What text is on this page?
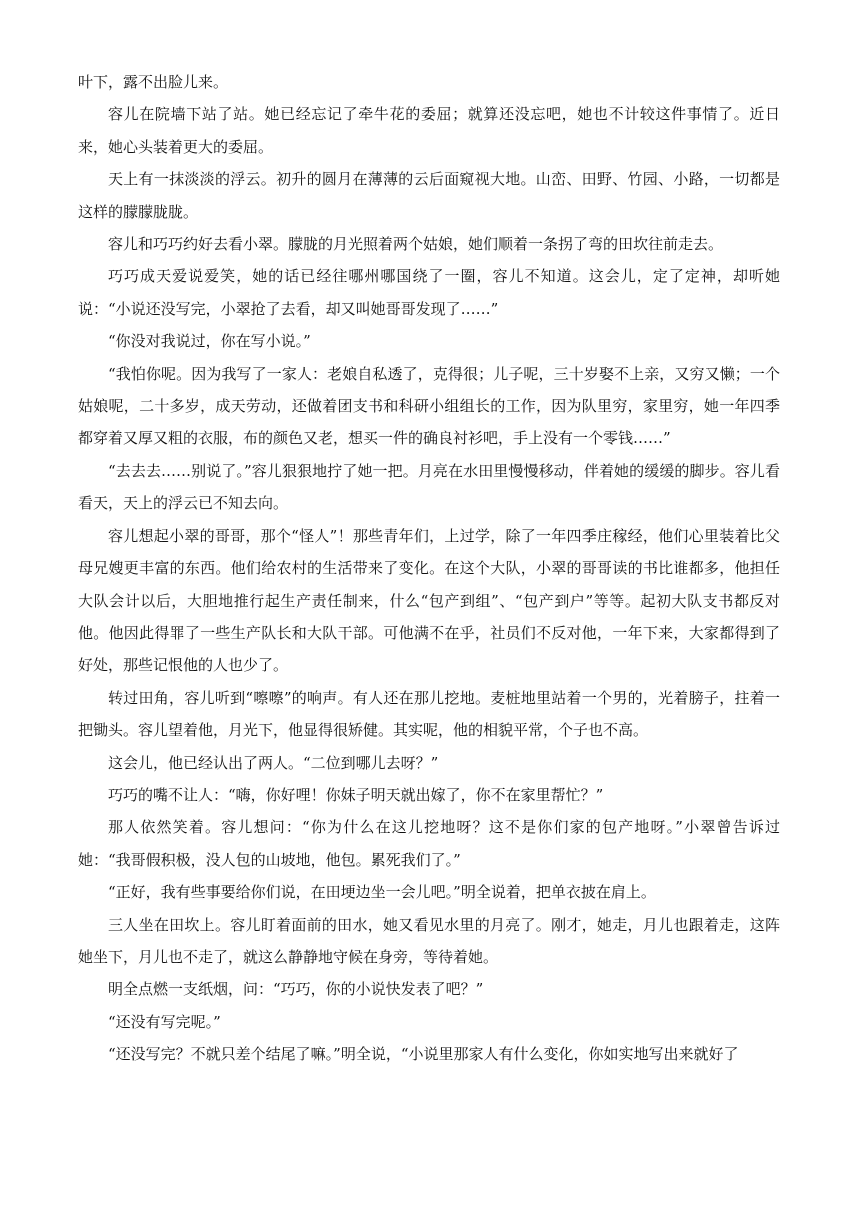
叶下，露不出脸儿来。

容儿在院墙下站了站。她已经忘记了牵牛花的委屈；就算还没忘吧，她也不计较这件事情了。近日来，她心头装着更大的委屈。

天上有一抹淡淡的浮云。初升的圆月在薄薄的云后面窥视大地。山峦、田野、竹园、小路，一切都是这样的朦朦胧胧。

容儿和巧巧约好去看小翠。朦胧的月光照着两个姑娘，她们顺着一条拐了弯的田坎往前走去。

巧巧成天爱说爱笑，她的话已经往哪州哪国绕了一圈，容儿不知道。这会儿，定了定神，却听她说：“小说还没写完，小翠抢了去看，却又叫她哥哥发现了……”

“你没对我说过，你在写小说。”

“我怕你呢。因为我写了一家人：老娘自私透了，克得很；儿子呢，三十岁娶不上亲，又穷又懒；一个姑娘呢，二十多岁，成天劳动，还做着团支书和科研小组组长的工作，因为队里穷，家里穷，她一年四季都穿着又厚又粗的衣服，布的颜色又老，想买一件的确良衬衫吧，手上没有一个零钱……”

“去去去……别说了。”容儿狠狠地拧了她一把。月亮在水田里慢慢移动，伴着她的缓缓的脚步。容儿看看天，天上的浮云已不知去向。

容儿想起小翠的哥哥，那个“怪人”！那些青年们，上过学，除了一年四季庄稼经，他们心里装着比父母兄嫂更丰富的东西。他们给农村的生活带来了变化。在这个大队，小翠的哥哥读的书比谁都多，他担任大队会计以后，大胆地推行起生产责任制来，什么“包产到组”、“包产到户”等等。起初大队支书都反对他。他因此得罪了一些生产队长和大队干部。可他满不在乎，社员们不反对他，一年下来，大家都得到了好处，那些记恨他的人也少了。

转过田角，容儿听到“嚓嚓”的响声。有人还在那儿挖地。麦桩地里站着一个男的，光着膀子，拄着一把锄头。容儿望着他，月光下，他显得很矫健。其实呢，他的相貌平常，个子也不高。

这会儿，他已经认出了两人。“二位到哪儿去呀？”

巧巧的嘴不让人：“嗨，你好哩！你妹子明天就出嫁了，你不在家里帮忙？”

那人依然笑着。容儿想问：“你为什么在这儿挖地呀？这不是你们家的包产地呀。”小翠曾告诉过她：“我哥假积极，没人包的山坡地，他包。累死我们了。”

“正好，我有些事要给你们说，在田埂边坐一会儿吧。”明全说着，把单衣披在肩上。

三人坐在田坎上。容儿盯着面前的田水，她又看见水里的月亮了。刚才，她走，月儿也跟着走，这阵她坐下，月儿也不走了，就这么静静地守候在身旁，等待着她。

明全点燃一支纸烟，问：“巧巧，你的小说快发表了吧？”

“还没有写完呢。”

“还没写完？不就只差个结尾了嘛。”明全说，“小说里那家人有什么变化，你如实地写出来就好了
